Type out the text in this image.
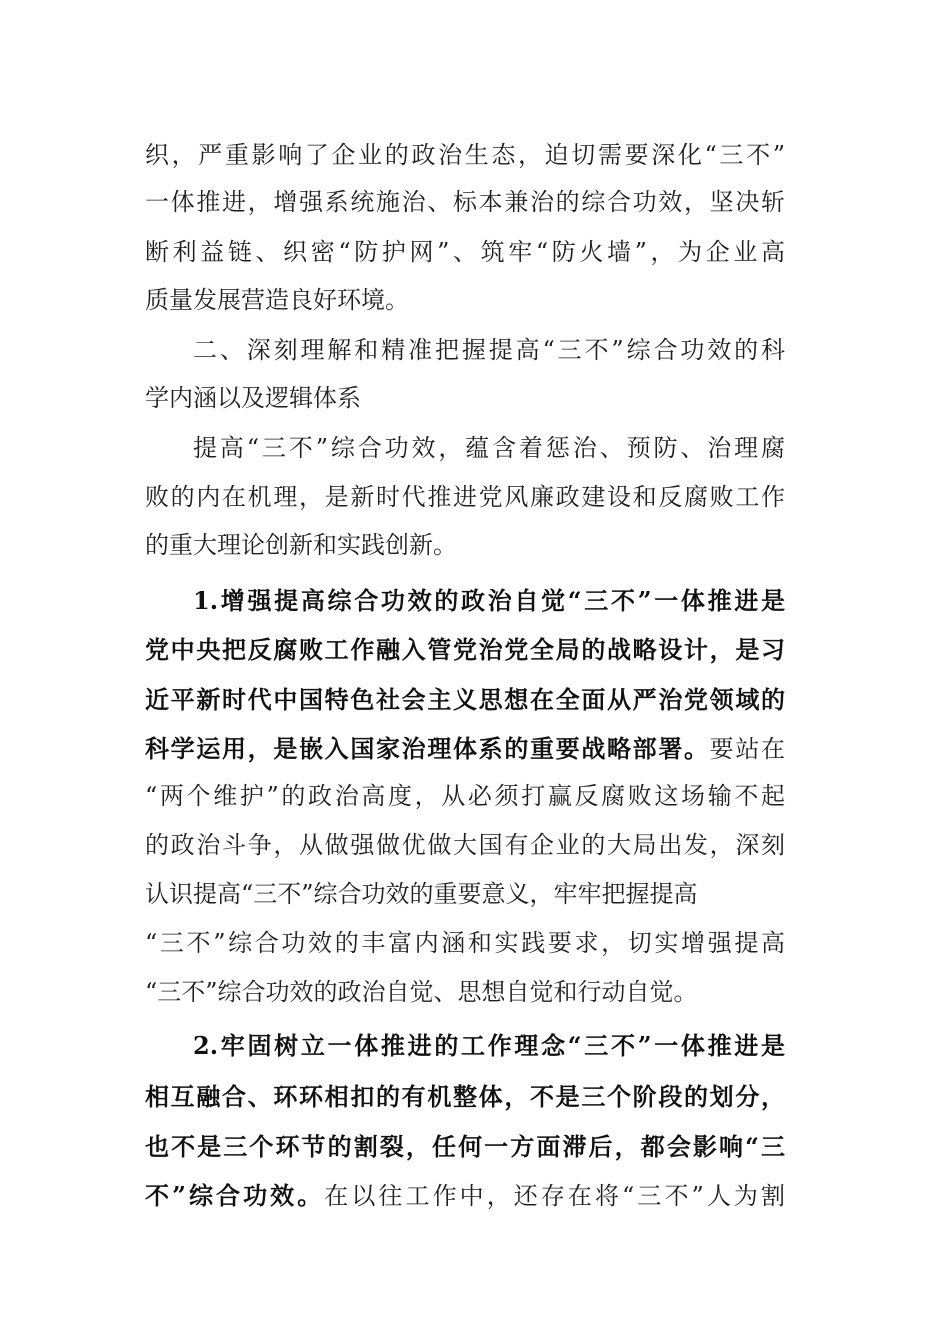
织，严重影响了企业的政治生态，迫切需要深化“三不”
一体推进，增强系统施治、标本兼治的综合功效，坚决斩
断利益链、织密“防护网”、筑牢“防火墙”，为企业高
质量发展营造良好环境。
二、深刻理解和精准把握提高“三不”综合功效的科
学内涵以及逻辑体系
提高“三不”综合功效，蕴含着惩治、预防、治理腐
败的内在机理，是新时代推进党风廉政建设和反腐败工作
的重大理论创新和实践创新。
1.增强提高综合功效的政治自觉“三不”一体推进是
党中央把反腐败工作融入管党治党全局的战略设计，是习
近平新时代中国特色社会主义思想在全面从严治党领域的
科学运用，是嵌入国家治理体系的重要战略部署。要站在
“两个维护”的政治高度，从必须打赢反腐败这场输不起
的政治斗争，从做强做优做大国有企业的大局出发，深刻
认识提高“三不”综合功效的重要意义，牢牢把握提高
“三不”综合功效的丰富内涵和实践要求，切实增强提高
“三不”综合功效的政治自觉、思想自觉和行动自觉。
2.牢固树立一体推进的工作理念“三不”一体推进是
相互融合、环环相扣的有机整体，不是三个阶段的划分，
也不是三个环节的割裂，任何一方面滞后，都会影响“三
不”综合功效。在以往工作中，还存在将“三不”人为割
